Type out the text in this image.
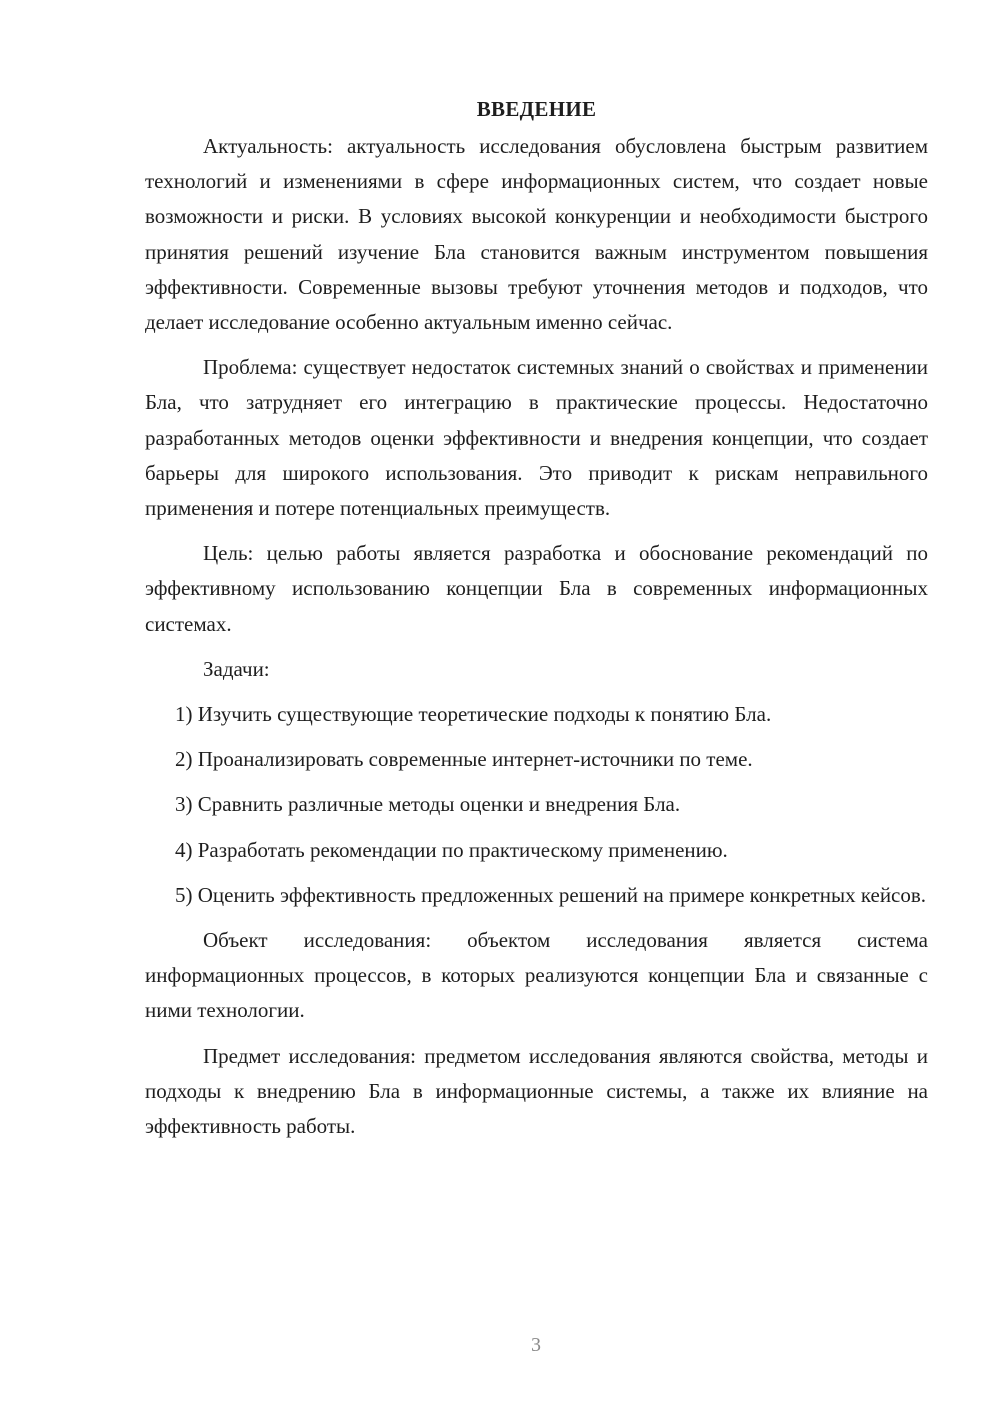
ВВЕДЕНИЕ

Актуальность: актуальность исследования обусловлена быстрым развитием технологий и изменениями в сфере информационных систем, что создает новые возможности и риски. В условиях высокой конкуренции и необходимости быстрого принятия решений изучение Бла становится важным инструментом повышения эффективности. Современные вызовы требуют уточнения методов и подходов, что делает исследование особенно актуальным именно сейчас.

Проблема: существует недостаток системных знаний о свойствах и применении Бла, что затрудняет его интеграцию в практические процессы. Недостаточно разработанных методов оценки эффективности и внедрения концепции, что создает барьеры для широкого использования. Это приводит к рискам неправильного применения и потере потенциальных преимуществ.

Цель: целью работы является разработка и обоснование рекомендаций по эффективному использованию концепции Бла в современных информационных системах.

Задачи:

1) Изучить существующие теоретические подходы к понятию Бла.

2) Проанализировать современные интернет-источники по теме.

3) Сравнить различные методы оценки и внедрения Бла.

4) Разработать рекомендации по практическому применению.

5) Оценить эффективность предложенных решений на примере конкретных кейсов.

Объект исследования: объектом исследования является система информационных процессов, в которых реализуются концепции Бла и связанные с ними технологии.

Предмет исследования: предметом исследования являются свойства, методы и подходы к внедрению Бла в информационные системы, а также их влияние на эффективность работы.

3
